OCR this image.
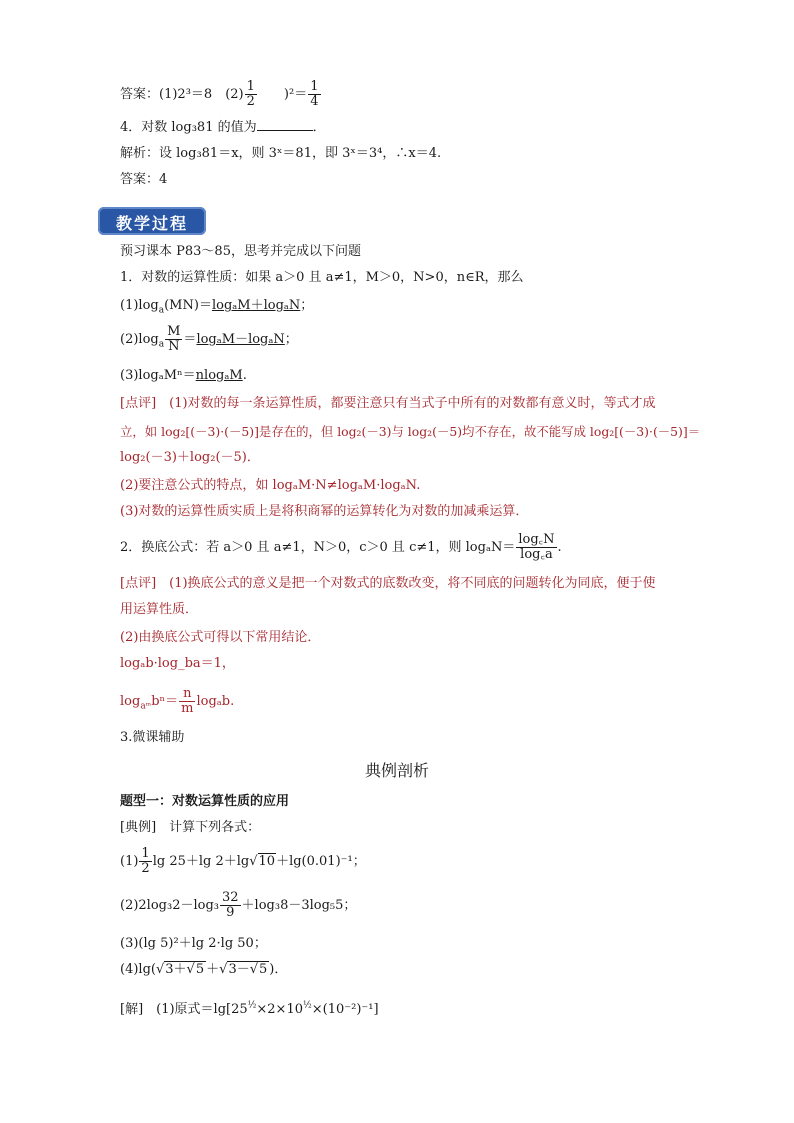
答案：(1)2³＝8　 $(2) \frac{1}{2}$
　　 )$^2= \frac{1}{4}$
4．对数 log₃81 的值为	．
解析：设 log₃81＝x，则 3ˣ＝81，即 3ˣ＝3⁴，∴x＝4.
答案：4
教学过程
预习课本 P83～85，思考并完成以下问题
1．对数的运算性质：如果 a＞0 且 a≠1，M＞0，N>0，n∈R，那么
$(1)\log_a(MN)=\log_aM+\log_aN$；
$(2)\log_a \frac{M}{N} =\log_aM-\log_aN$；
(3)logₐMⁿ＝nlogₐM.
[点评]　(1)对数的每一条运算性质，都要注意只有当式子中所有的对数都有意义时，等式才成
立，如 log₂[(－3)·(－5)]是存在的，但 log₂(－3)与 log₂(－5)均不存在，故不能写成 log₂[(－3)·(－5)]＝
log₂(－3)＋log₂(－5)．
(2)要注意公式的特点，如 logₐM·N≠logₐM·logₐN.
(3)对数的运算性质实质上是将积商幂的运算转化为对数的加减乘运算．
2．换底公式：若 a＞0 且 a≠1，N＞0，c＞0 且 c≠1，则 $\log_aN= \frac{\log꜀N}{\log꜀a}$ .
[点评]　(1)换底公式的意义是把一个对数式的底数改变，将不同底的问题转化为同底，便于使
用运算性质．
(2)由换底公式可得以下常用结论．
logₐb·log_ba＝1，
$\log_{aᵐ}b^n= \frac{n}{m} \log_ab$.
3.微课辅助
典例剖析
题型一：对数运算性质的应用
[典例]　计算下列各式：
$(1) \frac{1}{2}$ lg 25＋lg 2＋lg√10＋lg(0.01)⁻¹；
$(2)2\log_32-\log_3 \frac{32}{9} +\log_38-3\log_55$；
(3)(lg 5)²＋lg 2·lg 50；
(4)lg(√3＋√5 ＋√3－√5 )．
[解]　(1)原式$=\lg[25^{\frac{1}{2}}\times 2\times 10^{\frac{1}{2}}\times(10^{-2})^{-1}]$
